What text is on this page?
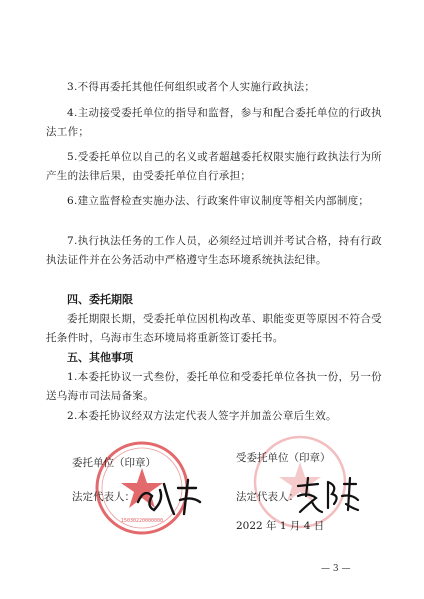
3.不得再委托其他任何组织或者个人实施行政执法；
4.主动接受委托单位的指导和监督，参与和配合委托单位的行政执法工作；
5.受委托单位以自己的名义或者超越委托权限实施行政执法行为所产生的法律后果，由受委托单位自行承担；
6.建立监督检查实施办法、行政案件审议制度等相关内部制度；
7.执行执法任务的工作人员，必须经过培训并考试合格，持有行政执法证件并在公务活动中严格遵守生态环境系统执法纪律。
四、委托期限
委托期限长期，受委托单位因机构改革、职能变更等原因不符合受托条件时，乌海市生态环境局将重新签订委托书。
五、其他事项
1.本委托协议一式叁份，委托单位和受委托单位各执一份，另一份送乌海市司法局备案。
2.本委托协议经双方法定代表人签字并加盖公章后生效。
15030220000000
委托单位（印章）	受委托单位（印章）
法定代表人：	法定代表人：
2022 年 1 月 4 日
— 3 —
